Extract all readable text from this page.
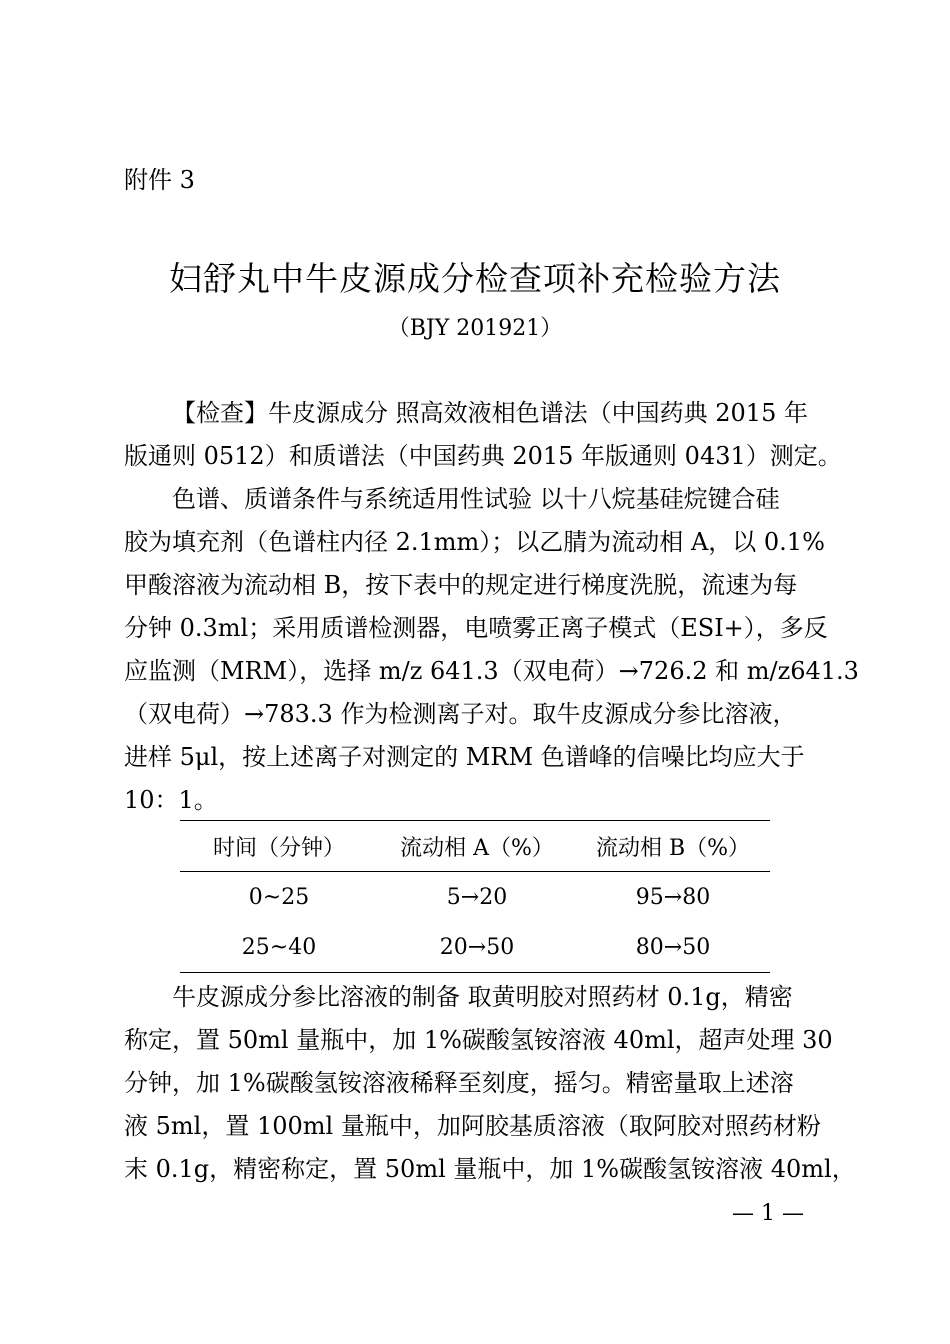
附件 3
妇舒丸中牛皮源成分检查项补充检验方法
（BJY 201921）
【检查】牛皮源成分 照高效液相色谱法（中国药典 2015 年
版通则 0512）和质谱法（中国药典 2015 年版通则 0431）测定。
色谱、质谱条件与系统适用性试验 以十八烷基硅烷键合硅
胶为填充剂（色谱柱内径 2.1mm）；以乙腈为流动相 A，以 0.1%
甲酸溶液为流动相 B，按下表中的规定进行梯度洗脱，流速为每
分钟 0.3ml；采用质谱检测器，电喷雾正离子模式（ESI+），多反
应监测（MRM），选择 m/z 641.3（双电荷）→726.2 和 m/z641.3
（双电荷）→783.3 作为检测离子对。取牛皮源成分参比溶液，
进样 5μl，按上述离子对测定的 MRM 色谱峰的信噪比均应大于
10：1。
时间（分钟）	流动相 A（%）	流动相 B（%）
0~25	5→20	95→80
25~40	20→50	80→50
牛皮源成分参比溶液的制备 取黄明胶对照药材 0.1g，精密
称定，置 50ml 量瓶中，加 1%碳酸氢铵溶液 40ml，超声处理 30
分钟，加 1%碳酸氢铵溶液稀释至刻度，摇匀。精密量取上述溶
液 5ml，置 100ml 量瓶中，加阿胶基质溶液（取阿胶对照药材粉
末 0.1g，精密称定，置 50ml 量瓶中，加 1%碳酸氢铵溶液 40ml，
— 1 —
